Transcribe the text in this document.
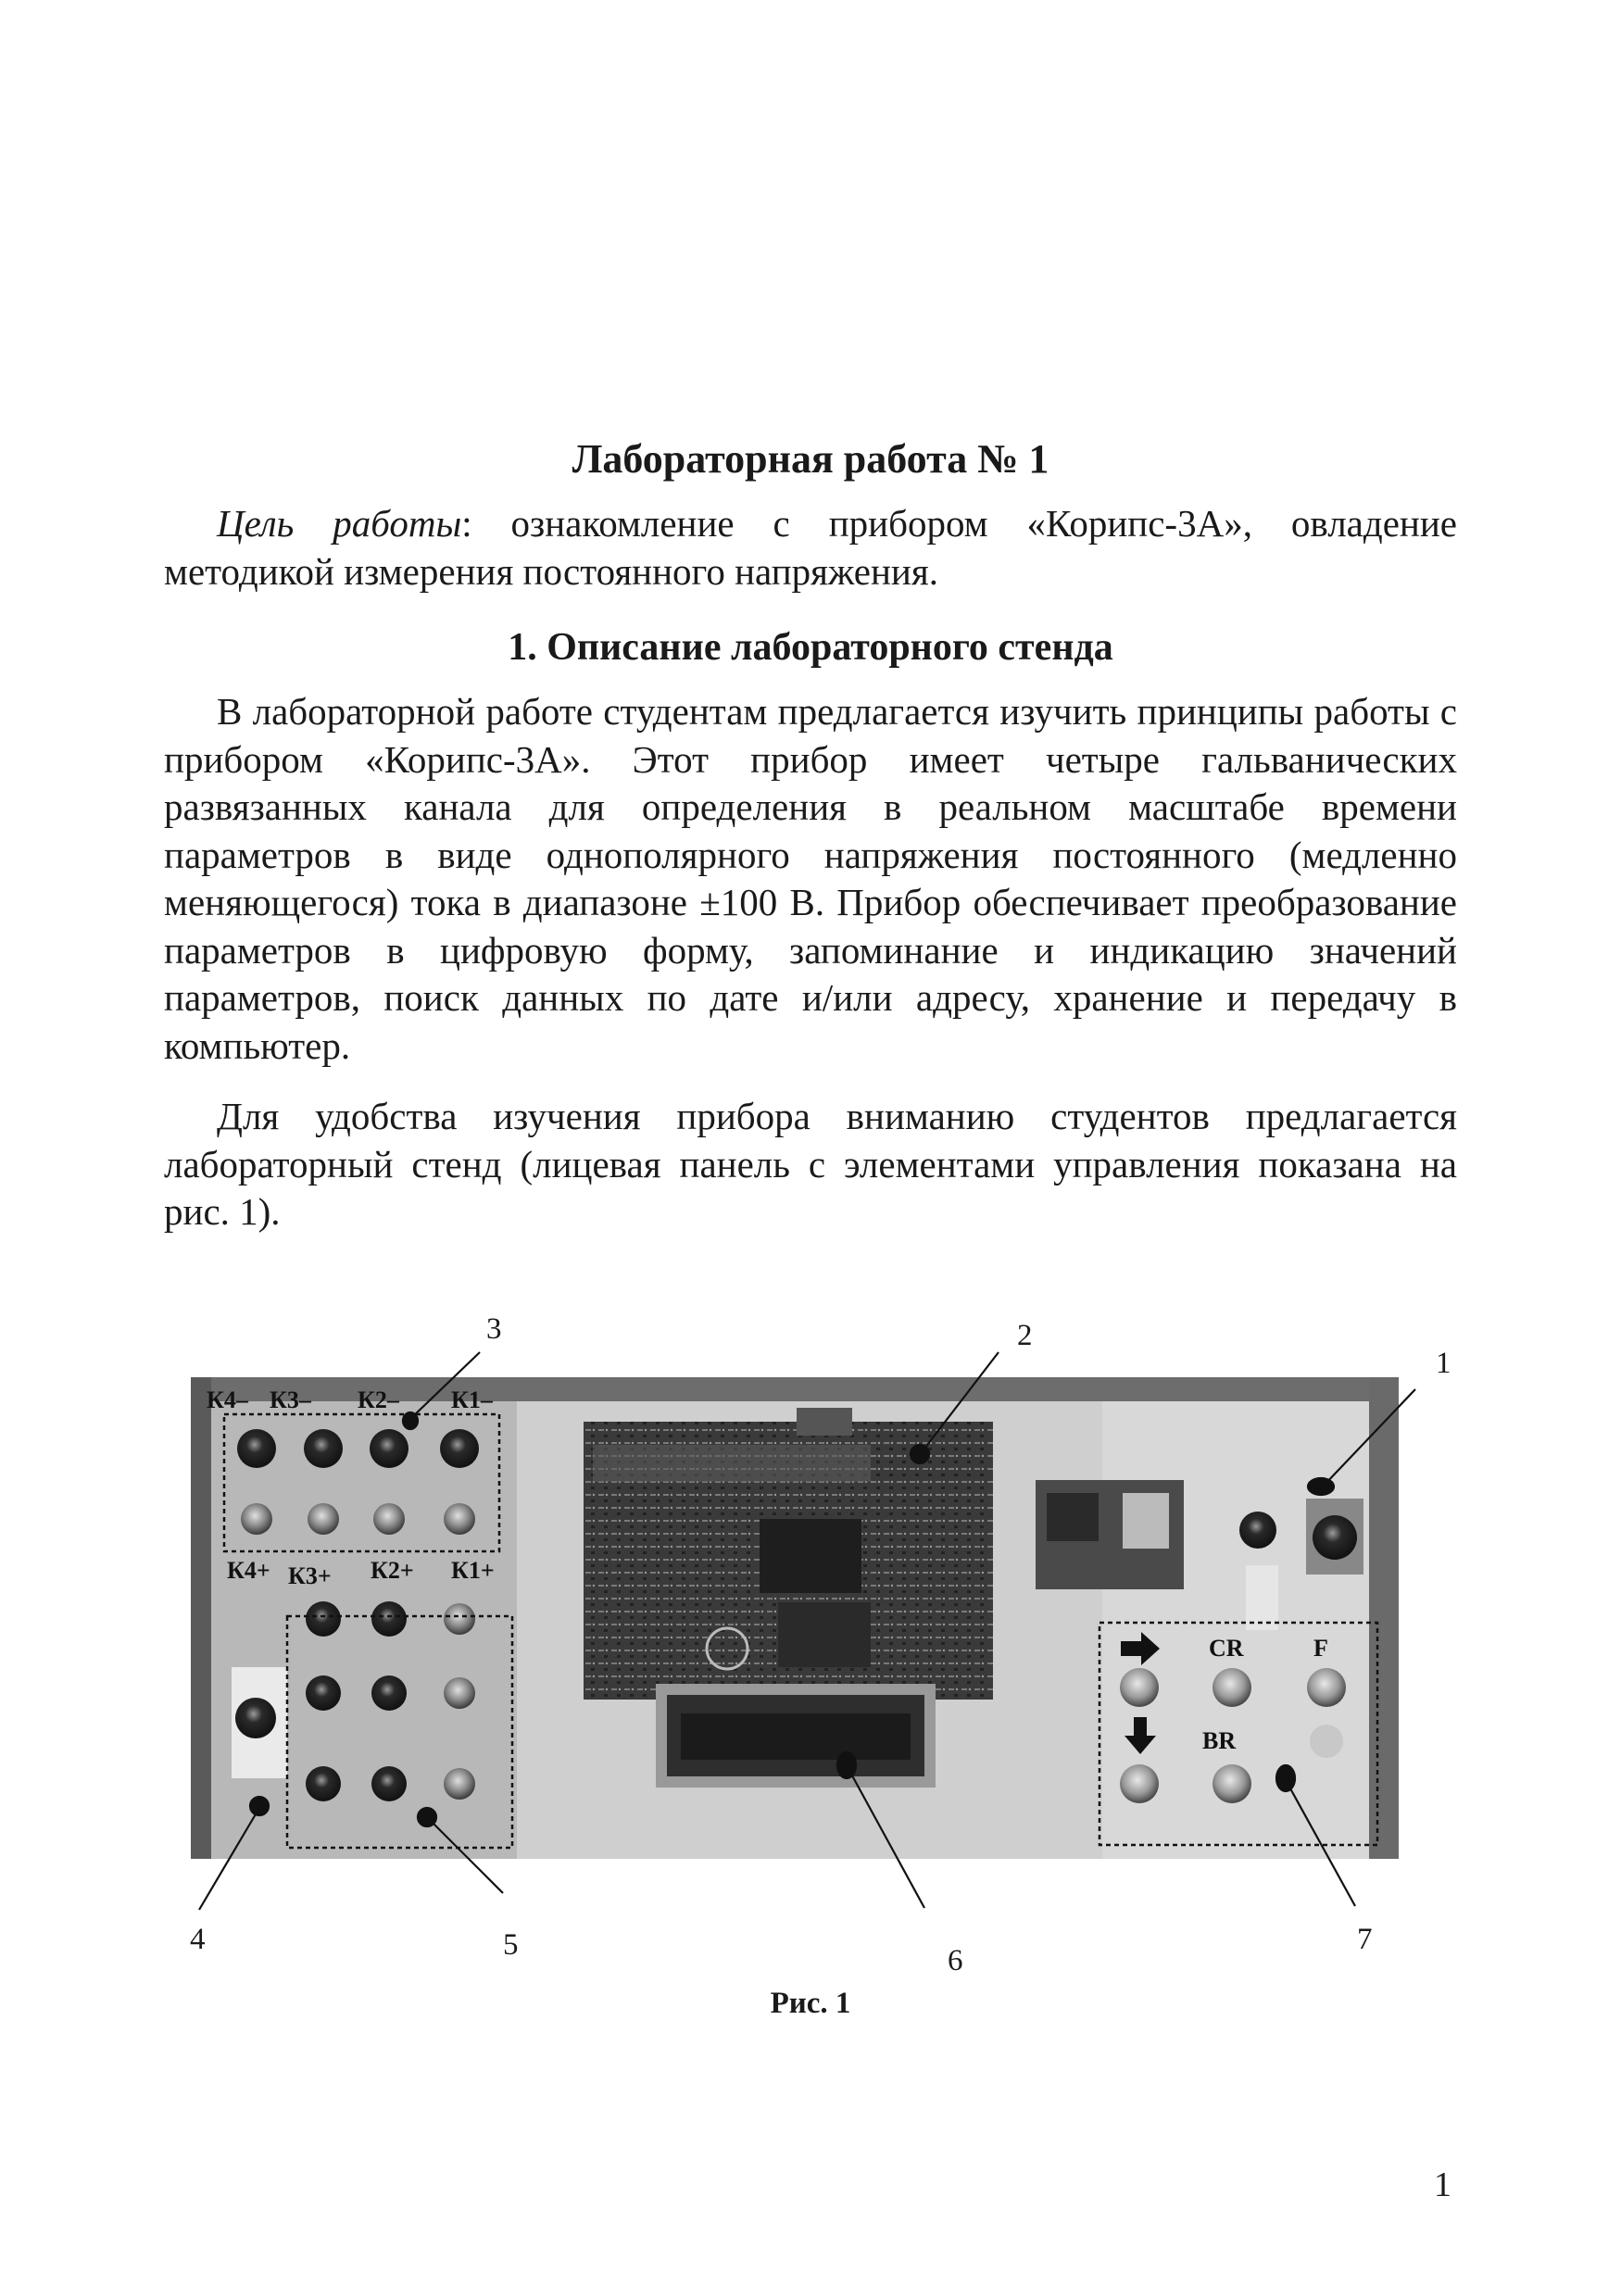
Лабораторная работа № 1

Цель работы: ознакомление с прибором «Корипс-3А», овладение методикой измерения постоянного напряжения.

1. Описание лабораторного стенда

В лабораторной работе студентам предлагается изучить принципы работы с прибором «Корипс-3А». Этот прибор имеет четыре гальванических развязанных канала для определения в реальном масштабе времени параметров в виде однополярного напряжения постоянного (медленно меняющегося) тока в диапазоне ±100 В. Прибор обеспечивает преобразование параметров в цифровую форму, запоминание и индикацию значений параметров, поиск данных по дате и/или адресу, хранение и передачу в компьютер.

Для удобства изучения прибора вниманию студентов предлагается лабораторный стенд (лицевая панель с элементами управления показана на рис. 1).

К4– К3– К2– К1–
К4+ К3+ К2+ К1+
CR	F
BR
1
2
3
4	5	6
7
Рис. 1
1
